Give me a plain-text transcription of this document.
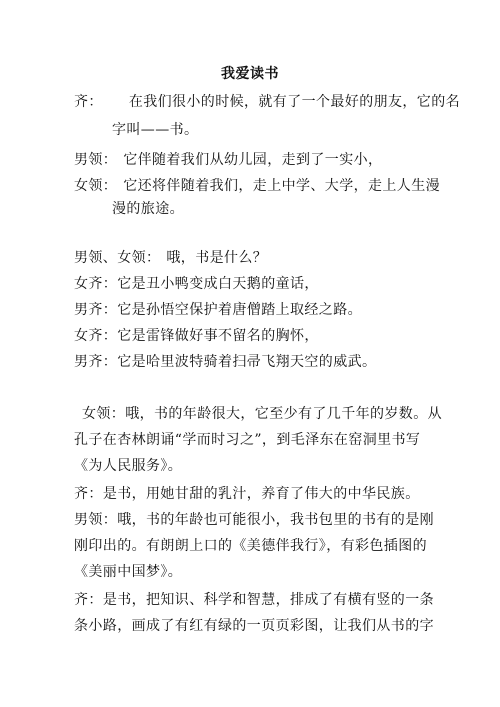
我爱读书
齐： 在我们很小的时候，就有了一个最好的朋友，它的名
字叫——书。
男领： 它伴随着我们从幼儿园，走到了一实小，
女领： 它还将伴随着我们，走上中学、大学，走上人生漫
漫的旅途。
男领、女领： 哦，书是什么？
女齐：它是丑小鸭变成白天鹅的童话，
男齐：它是孙悟空保护着唐僧踏上取经之路。
女齐：它是雷锋做好事不留名的胸怀，
男齐：它是哈里波特骑着扫帚飞翔天空的威武。
女领：哦，书的年龄很大，它至少有了几千年的岁数。从
孔子在杏林朗诵“学而时习之”，到毛泽东在窑洞里书写
《为人民服务》。
齐：是书，用她甘甜的乳汁，养育了伟大的中华民族。
男领：哦，书的年龄也可能很小，我书包里的书有的是刚
刚印出的。有朗朗上口的《美德伴我行》，有彩色插图的
《美丽中国梦》。
齐：是书，把知识、科学和智慧，排成了有横有竖的一条
条小路，画成了有红有绿的一页页彩图，让我们从书的字
